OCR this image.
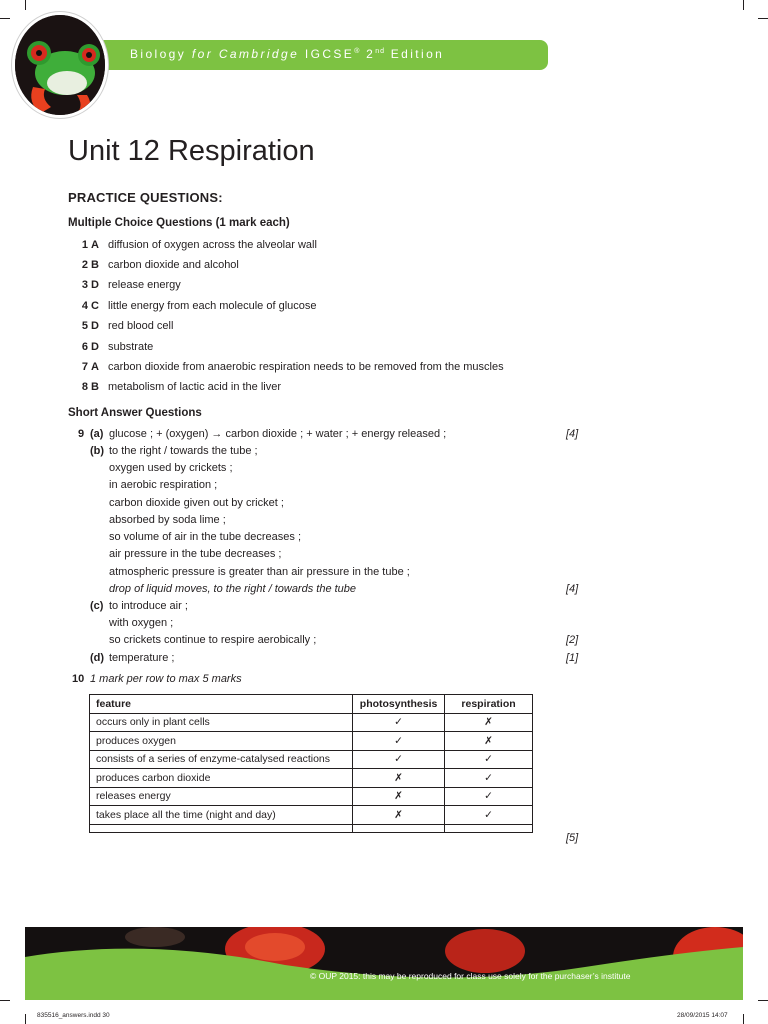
Biology for Cambridge IGCSE® 2nd Edition
Unit 12 Respiration
PRACTICE QUESTIONS:
Multiple Choice Questions (1 mark each)
1 A diffusion of oxygen across the alveolar wall
2 B carbon dioxide and alcohol
3 D release energy
4 C little energy from each molecule of glucose
5 D red blood cell
6 D substrate
7 A carbon dioxide from anaerobic respiration needs to be removed from the muscles
8 B metabolism of lactic acid in the liver
Short Answer Questions
9 (a) glucose ; + (oxygen) → carbon dioxide ; + water ; + energy released ;	[4]
(b) to the right / towards the tube ;
oxygen used by crickets ;
in aerobic respiration ;
carbon dioxide given out by cricket ;
absorbed by soda lime ;
so volume of air in the tube decreases ;
air pressure in the tube decreases ;
atmospheric pressure is greater than air pressure in the tube ;
drop of liquid moves, to the right / towards the tube	[4]
(c) to introduce air ;
with oxygen ;
so crickets continue to respire aerobically ;	[2]
(d) temperature ;	[1]
10 1 mark per row to max 5 marks
feature	photosynthesis	respiration
occurs only in plant cells	✓	✗
produces oxygen	✓	✗
consists of a series of enzyme-catalysed reactions	✓	✓
produces carbon dioxide	✗	✓
releases energy	✗	✓
takes place all the time (night and day)	✗	✓

[5]
© OUP 2015: this may be reproduced for class use solely for the purchaser’s institute
835516_answers.indd 30	28/09/2015 14:07
